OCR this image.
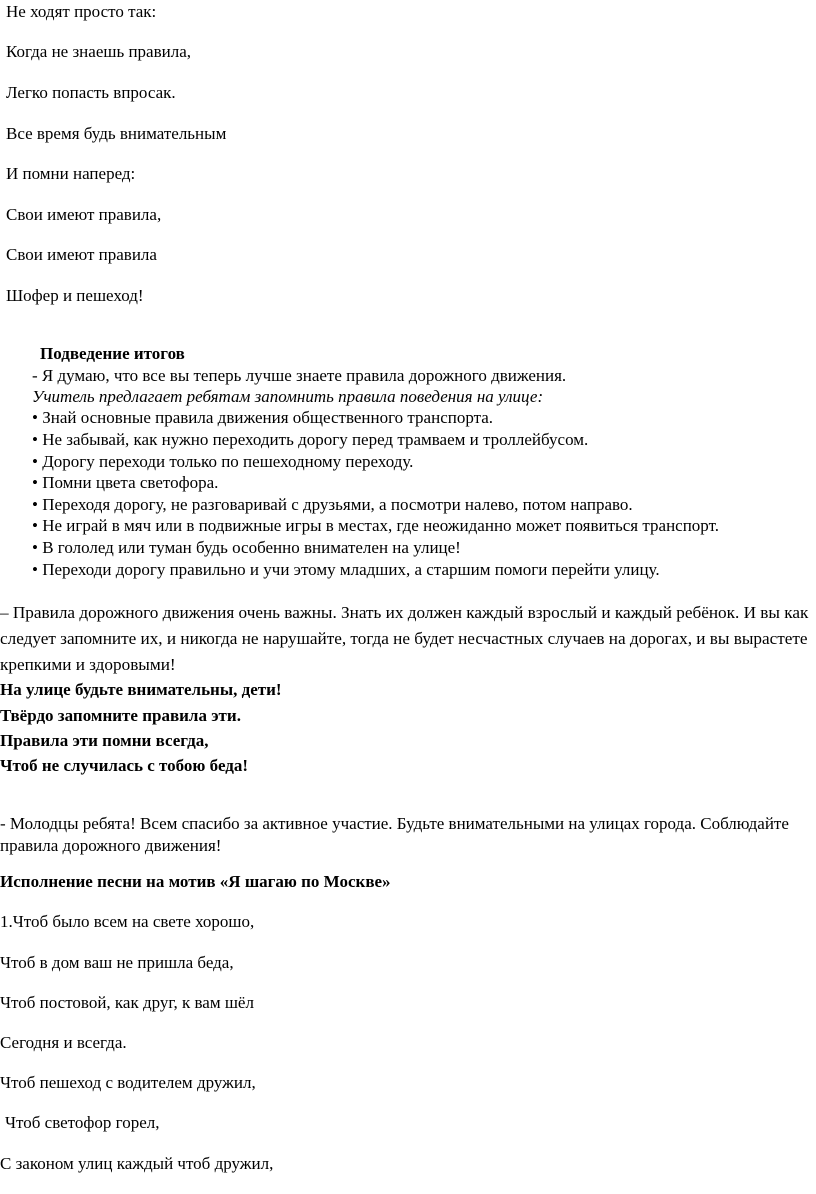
Не ходят просто так:
Когда не знаешь правила,
Легко попасть впросак.
Все время будь внимательным
И помни наперед:
Свои имеют правила,
Свои имеют правила
Шофер и пешеход!
Подведение итогов
- Я думаю, что все вы теперь лучше знаете правила дорожного движения.
Учитель предлагает ребятам запомнить правила поведения на улице:
• Знай основные правила движения общественного транспорта.
• Не забывай, как нужно переходить дорогу перед трамваем и троллейбусом.
• Дорогу переходи только по пешеходному переходу.
• Помни цвета светофора.
• Переходя дорогу, не разговаривай с друзьями, а посмотри налево, потом направо.
• Не играй в мяч или в подвижные игры в местах, где неожиданно может появиться транспорт.
• В гололед или туман будь особенно внимателен на улице!
• Переходи дорогу правильно и учи этому младших, а старшим помоги перейти улицу.

– Правила дорожного движения очень важны. Знать их должен каждый взрослый и каждый ребёнок. И вы как следует запомните их, и никогда не нарушайте, тогда не будет несчастных случаев на дорогах, и вы вырастете крепкими и здоровыми!

На улице будьте внимательны, дети!
Твёрдо запомните правила эти.
Правила эти помни всегда,
Чтоб не случилась с тобою беда!

- Молодцы ребята! Всем спасибо за активное участие. Будьте внимательными на улицах города. Соблюдайте правила дорожного движения!

Исполнение песни на мотив «Я шагаю по Москве»
1.Чтоб было всем на свете хорошо,
Чтоб в дом ваш не пришла беда,
Чтоб постовой, как друг, к вам шёл
Сегодня и всегда.
Чтоб пешеход с водителем дружил,
Чтоб светофор горел,
С законом улиц каждый чтоб дружил,
